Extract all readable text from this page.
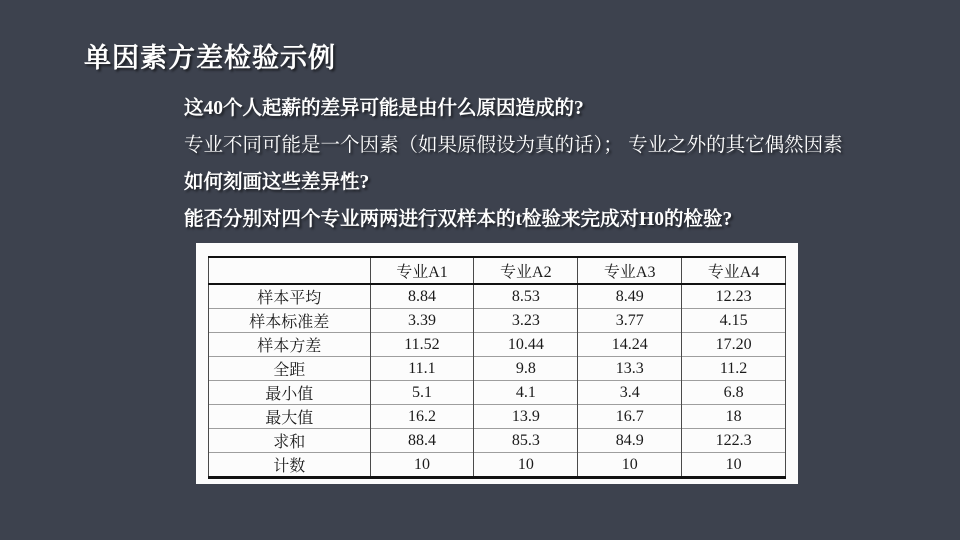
单因素方差检验示例
这40个人起薪的差异可能是由什么原因造成的?
专业不同可能是一个因素（如果原假设为真的话）； 专业之外的其它偶然因素
如何刻画这些差异性?
能否分别对四个专业两两进行双样本的t检验来完成对H0的检验?
	专业A1	专业A2	专业A3	专业A4
样本平均	8.84	8.53	8.49	12.23
样本标准差	3.39	3.23	3.77	4.15
样本方差	11.52	10.44	14.24	17.20
全距	11.1	9.8	13.3	11.2
最小值	5.1	4.1	3.4	6.8
最大值	16.2	13.9	16.7	18
求和	88.4	85.3	84.9	122.3
计数	10	10	10	10
